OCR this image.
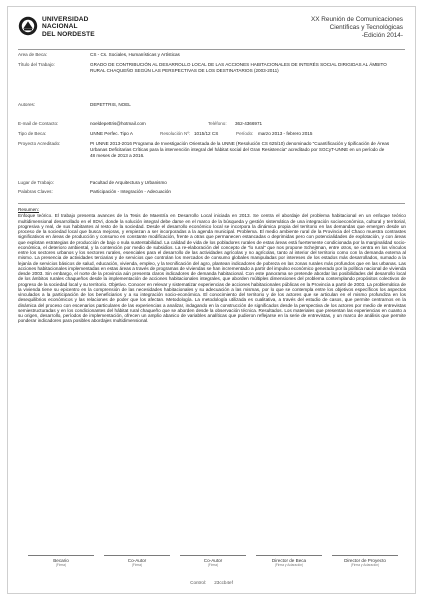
UNIVERSIDAD
NACIONAL
DEL NORDESTE
XX Reunión de Comunicaciones
Científicas y Tecnológicas
-Edición 2014-
Area de Beca:	CS - Cs. Sociales, Humanísticas y Artísticas
Título del Trabajo:	GRADO DE CONTRIBUCIÓN AL DESARROLLO LOCAL DE LAS ACCIONES HABITACIONALES DE INTERÉS SOCIAL DIRIGIDAS AL ÁMBITO RURAL CHAQUEÑO SEGÚN LAS PERSPECTIVAS DE LOS DESTINATARIOS (2003-2011)
Autores:	DEPETTRIS, NOEL
E-mail de Contacto:	noeldepettris@hotmail.com	Teléfono: 362-4366971
Tipo de Beca:	UNNE Perfec. Tipo A	Resolución Nº: 1015/12 CS	Período: marzo 2013 - febrero 2015
Proyecto Acreditado:	PI UNNE 2013-2016 Programa de Investigación Orientada de la UNNE (Resolución CS 625/10) denominado "Cuantificación y tipificación de Áreas Urbanas Deficitarias Críticas para la intervención integral del hábitat social del Gran Resistencia" acreditado por SGCyT-UNNE en un período de 48 meses de 2013 a 2016.
Lugar de Trabajo:	Facultad de Arquitectura y Urbanismo
Palabras Claves:	Participación - Integración - Adecuación
Resumen:
Enfoque teórico. El trabajo presenta avances de la Tesis de Maestría en Desarrollo Local iniciada en 2013. Se centra el abordaje del problema habitacional en un enfoque teórico multidimensional desarrollado en el IIDVi, donde la solución integral debe darse en el marco de la búsqueda y gestión sistemática de una integración socioeconómica, cultural y territorial, progresiva y real, de sus habitantes al resto de la sociedad. Desde el desarrollo económico local se incorpora la dinámica propia del territorio en las demandas que emergen desde un proceso de la sociedad local que busca mejoras, y empiezan a ser incorporadas a la agenda municipal. Problema. El medio ambiente rural de la Provincia del Chaco muestra contrastes significativos en áreas de producción y consumo en constante modificación, frente a otras que permanecen estancadas o deprimidas pero con potencialidades de explotación, y con áreas que explotan estrategias de producción de bajo o nula sustentabilidad. La calidad de vida de los pobladores rurales de estas áreas está fuertemente condicionada por la marginalidad socio-económica, el deterioro ambiental, y la contención por medio de subsidios. La re-elaboración del concepto de "lo rural" que nos propone Schejtman, entre otros, se centra en los vínculos entre los sectores urbanos y los sectores rurales, esenciales para el desarrollo de las actividades agrícolas y no agrícolas, tanto al interior del territorio como con la demanda externa al mismo. La presencia de actividades terciarias y de servicios que controlan los mercados de consumo globales manipuladas por intereses de los estados más desarrollados, sumado a la lejanía de servicios básicos de salud, educación, vivienda, empleo, y la tecnificación del agro, plantean indicadores de pobreza en las zonas rurales más profundos que en las urbanas. Las acciones habitacionales implementadas en estas áreas a través de programas de viviendas se han incrementado a partir del impulso económico generado por la política nacional de vivienda desde 2003. Sin embargo, el norte de la provincia aún presenta claros indicadores de demanda habitacional. Con este panorama se pretende abordar las posibilidades del desarrollo local de los ámbitos rurales chaqueños desde la implementación de acciones habitacionales integrales, que aborden múltiples dimensiones del problema contemplando propósitos colectivos de progreso de la sociedad local y su territorio. Objetivo. Conocer en relevar y sistematizar experiencias de acciones habitacionales públicas en la Provincia a partir de 2003. La problemática de la vivienda tiene su epicentro en la comprensión de las necesidades habitacionales y su adecuación a las mismas, por lo que se contempla entre los objetivos específicos los aspectos vinculados a la participación de los beneficiarios y a su integración socio-económica. El conocimiento del territorio y de los actores que se articulan en el mismo profundiza en los desequilibrios económicos y las relaciones de poder que los afectan. Metodología. La metodología utilizada es cualitativa, a través del estudio de casos, que permite centrarnos en la dinámica del proceso con escenarios particulares de las experiencias a analizar, indagando en la construcción de significados desde la perspectiva de los actores por medio de entrevistas semiestructuradas y en los condicionantes del hábitat rural chaqueño que se aborden desde la observación técnica. Resultados. Los materiales que presentan las experiencias en cuanto a su origen, desarrollo, períodos de implementación, ofrecen un amplio abanico de variables analíticas que pudieron reflejarse en la serie de entrevistas, y un marco de análisis que permite ponderar indicadores para posibles abordajes multidimensional.
Becario
(Firma)
Co-Autor
(Firma)
Co-Autor
(Firma)
Director de Beca
(Firma y Aclaración)
Director de Proyecto
(Firma y Aclaración)
Control: 23ccb4ef
